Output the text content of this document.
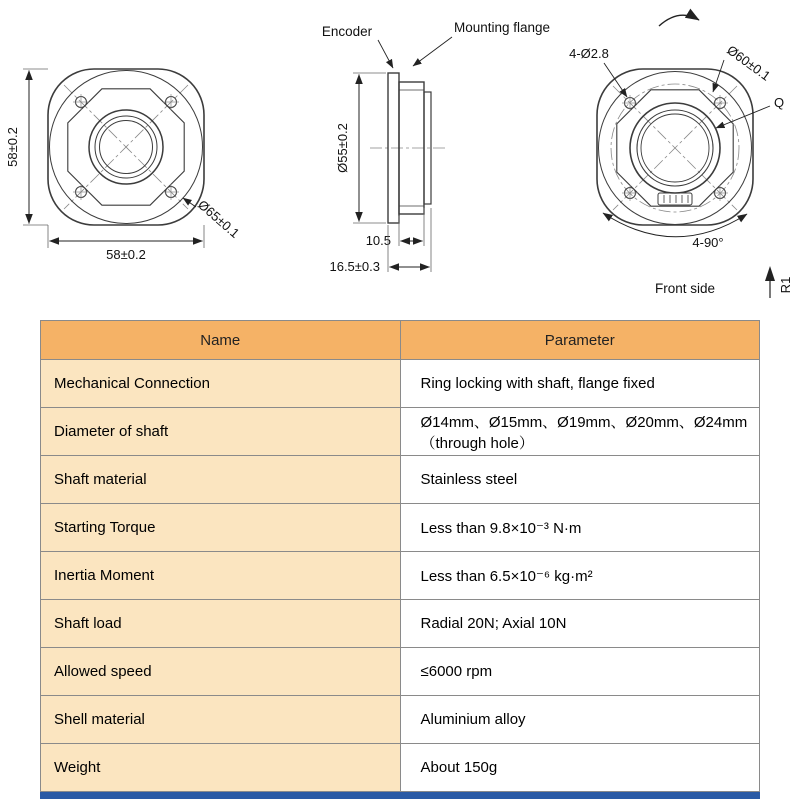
58±0.2
58±0.2
Ø65±0.1
Encoder	Mounting flange
Ø55±0.2
10.5
16.5±0.3
4-Ø2.8	Ø60±0.1
Q
4-90°
Front side	R1
Name	Parameter
Mechanical Connection	Ring locking with shaft, flange fixed
Diameter of shaft	Ø14mm、Ø15mm、Ø19mm、Ø20mm、Ø24mm（through hole）
Shaft material	Stainless steel
Starting Torque	Less than 9.8×10⁻³ N·m
Inertia Moment	Less than 6.5×10⁻⁶ kg·m²
Shaft load	Radial 20N; Axial 10N
Allowed speed	≤6000 rpm
Shell material	Aluminium alloy
Weight	About 150g
